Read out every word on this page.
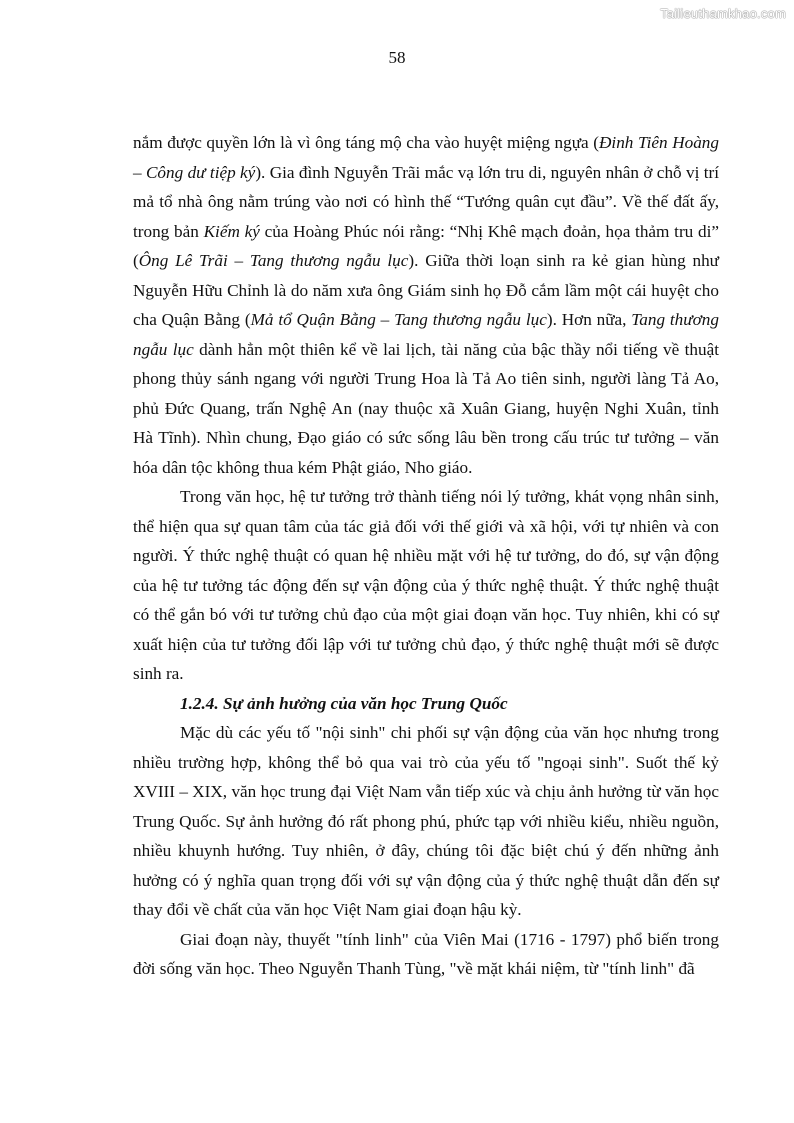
Tailieuthamkhao.com
58

nắm được quyền lớn là vì ông táng mộ cha vào huyệt miệng ngựa (Đinh Tiên Hoàng – Công dư tiệp ký). Gia đình Nguyễn Trãi mắc vạ lớn tru di, nguyên nhân ở chỗ vị trí mả tổ nhà ông nằm trúng vào nơi có hình thế “Tướng quân cụt đầu”. Về thế đất ấy, trong bản Kiếm ký của Hoàng Phúc nói rằng: “Nhị Khê mạch đoản, họa thảm tru di” (Ông Lê Trãi – Tang thương ngẫu lục). Giữa thời loạn sinh ra kẻ gian hùng như Nguyễn Hữu Chỉnh là do năm xưa ông Giám sinh họ Đỗ cắm lầm một cái huyệt cho cha Quận Bằng (Mả tổ Quận Bằng – Tang thương ngẫu lục). Hơn nữa, Tang thương ngẫu lục dành hẳn một thiên kể về lai lịch, tài năng của bậc thầy nổi tiếng về thuật phong thủy sánh ngang với người Trung Hoa là Tả Ao tiên sinh, người làng Tả Ao, phủ Đức Quang, trấn Nghệ An (nay thuộc xã Xuân Giang, huyện Nghi Xuân, tỉnh Hà Tĩnh). Nhìn chung, Đạo giáo có sức sống lâu bền trong cấu trúc tư tưởng – văn hóa dân tộc không thua kém Phật giáo, Nho giáo.

Trong văn học, hệ tư tưởng trở thành tiếng nói lý tưởng, khát vọng nhân sinh, thể hiện qua sự quan tâm của tác giả đối với thế giới và xã hội, với tự nhiên và con người. Ý thức nghệ thuật có quan hệ nhiều mặt với hệ tư tưởng, do đó, sự vận động của hệ tư tưởng tác động đến sự vận động của ý thức nghệ thuật. Ý thức nghệ thuật có thể gắn bó với tư tưởng chủ đạo của một giai đoạn văn học. Tuy nhiên, khi có sự xuất hiện của tư tưởng đối lập với tư tưởng chủ đạo, ý thức nghệ thuật mới sẽ được sinh ra.

1.2.4. Sự ảnh hưởng của văn học Trung Quốc

Mặc dù các yếu tố "nội sinh" chi phối sự vận động của văn học nhưng trong nhiều trường hợp, không thể bỏ qua vai trò của yếu tố "ngoại sinh". Suốt thế kỷ XVIII – XIX, văn học trung đại Việt Nam vẫn tiếp xúc và chịu ảnh hưởng từ văn học Trung Quốc. Sự ảnh hưởng đó rất phong phú, phức tạp với nhiều kiểu, nhiều nguồn, nhiều khuynh hướng. Tuy nhiên, ở đây, chúng tôi đặc biệt chú ý đến những ảnh hưởng có ý nghĩa quan trọng đối với sự vận động của ý thức nghệ thuật dẫn đến sự thay đổi về chất của văn học Việt Nam giai đoạn hậu kỳ.

Giai đoạn này, thuyết "tính linh" của Viên Mai (1716 - 1797) phổ biến trong đời sống văn học. Theo Nguyễn Thanh Tùng, "về mặt khái niệm, từ "tính linh" đã
